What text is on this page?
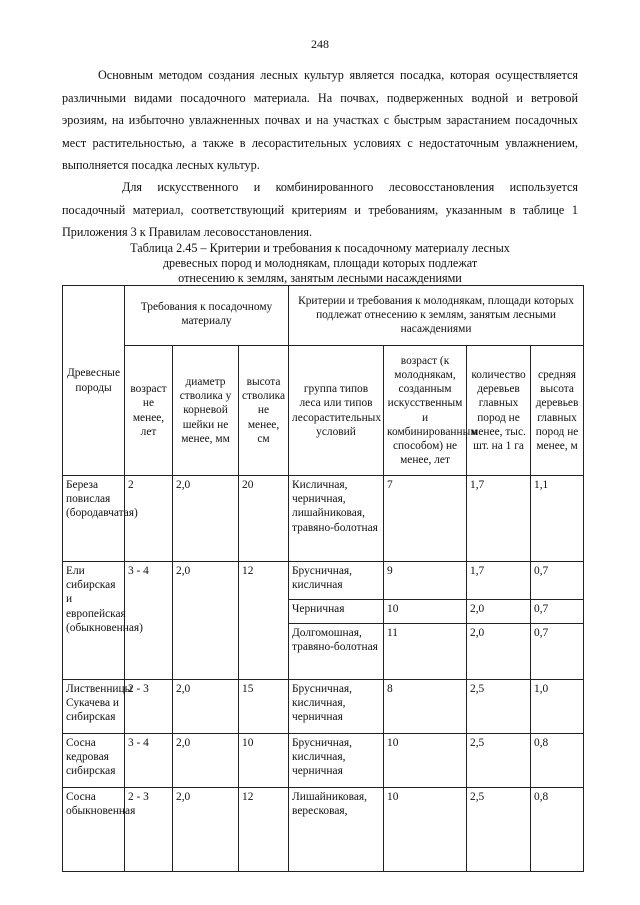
248

Основным методом создания лесных культур является посадка, которая осуществляется различными видами посадочного материала. На почвах, подверженных водной и ветровой эрозиям, на избыточно увлажненных почвах и на участках с быстрым зарастанием посадочных мест растительностью, а также в лесорастительных условиях с недостаточным увлажнением, выполняется посадка лесных культур.

Для искусственного и комбинированного лесовосстановления используется посадочный материал, соответствующий критериям и требованиям, указанным в таблице 1 Приложения 3 к Правилам лесовосстановления.

Таблица 2.45 – Критерии и требования к посадочному материалу лесных
древесных пород и молоднякам, площади которых подлежат
отнесению к землям, занятым лесными насаждениями
Древесные породы	Требования к посадочному материалу			Критерии и требования к молоднякам, площади которых подлежат отнесению к землям, занятым лесными насаждениями			
	возраст не менее, лет	диаметр стволика у корневой шейки не менее, мм	высота стволика не менее, см	группа типов леса или типов лесорастительных условий	возраст (к молоднякам, созданным искусственным и комбинированным способом) не менее, лет	количество деревьев главных пород не менее, тыс. шт. на 1 га	средняя высота деревьев главных пород не менее, м
Береза повислая (бородавчатая)	2	2,0	20	Кисличная, черничная, лишайниковая, травяно-болотная	7	1,7	1,1
Ели сибирская и европейская (обыкновенная)	3 - 4	2,0	12	Брусничная, кисличная	9	1,7	0,7
				Черничная	10	2,0	0,7
				Долгомошная, травяно-болотная	11	2,0	0,7
Лиственницы Сукачева и сибирская	2 - 3	2,0	15	Брусничная, кисличная, черничная	8	2,5	1,0
Сосна кедровая сибирская	3 - 4	2,0	10	Брусничная, кисличная, черничная	10	2,5	0,8
Сосна обыкновенная	2 - 3	2,0	12	Лишайниковая, вересковая,	10	2,5	0,8
